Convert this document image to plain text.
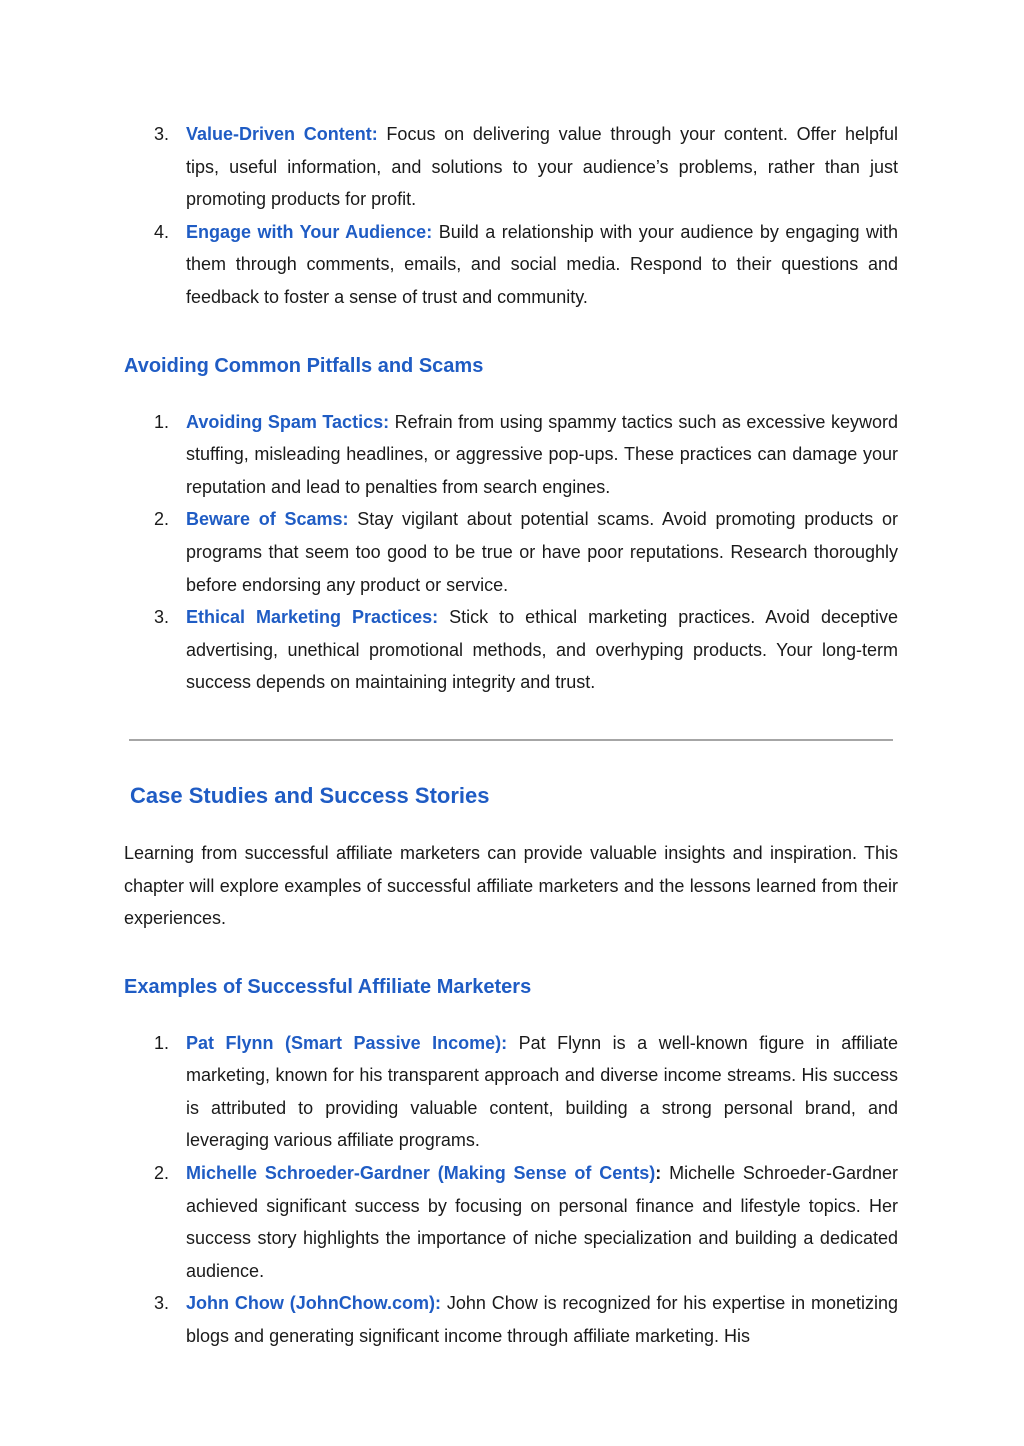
3. Value-Driven Content: Focus on delivering value through your content. Offer helpful tips, useful information, and solutions to your audience’s problems, rather than just promoting products for profit.
4. Engage with Your Audience: Build a relationship with your audience by engaging with them through comments, emails, and social media. Respond to their questions and feedback to foster a sense of trust and community.
Avoiding Common Pitfalls and Scams
1. Avoiding Spam Tactics: Refrain from using spammy tactics such as excessive keyword stuffing, misleading headlines, or aggressive pop-ups. These practices can damage your reputation and lead to penalties from search engines.
2. Beware of Scams: Stay vigilant about potential scams. Avoid promoting products or programs that seem too good to be true or have poor reputations. Research thoroughly before endorsing any product or service.
3. Ethical Marketing Practices: Stick to ethical marketing practices. Avoid deceptive advertising, unethical promotional methods, and overhyping products. Your long-term success depends on maintaining integrity and trust.
Case Studies and Success Stories

Learning from successful affiliate marketers can provide valuable insights and inspiration. This chapter will explore examples of successful affiliate marketers and the lessons learned from their experiences.

Examples of Successful Affiliate Marketers
1. Pat Flynn (Smart Passive Income): Pat Flynn is a well-known figure in affiliate marketing, known for his transparent approach and diverse income streams. His success is attributed to providing valuable content, building a strong personal brand, and leveraging various affiliate programs.
2. Michelle Schroeder-Gardner (Making Sense of Cents): Michelle Schroeder-Gardner achieved significant success by focusing on personal finance and lifestyle topics. Her success story highlights the importance of niche specialization and building a dedicated audience.
3. John Chow (JohnChow.com): John Chow is recognized for his expertise in monetizing blogs and generating significant income through affiliate marketing. His
